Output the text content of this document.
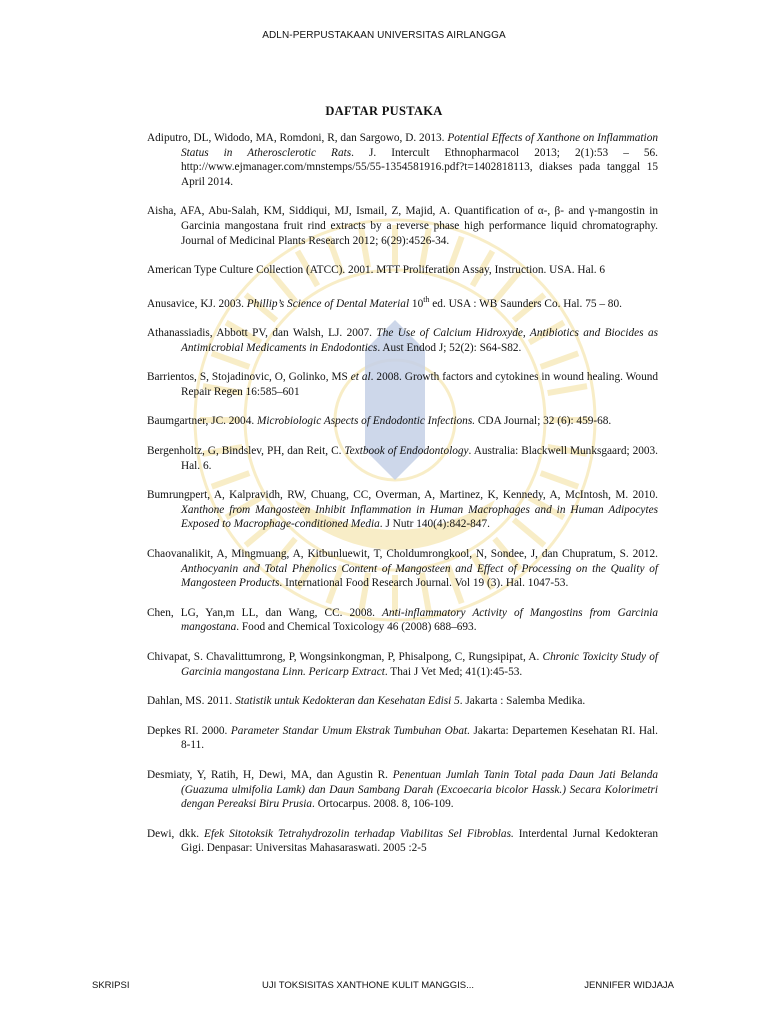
ADLN-PERPUSTAKAAN UNIVERSITAS AIRLANGGA
DAFTAR PUSTAKA

Adiputro, DL, Widodo, MA, Romdoni, R, dan Sargowo, D. 2013. Potential Effects of Xanthone on Inflammation Status in Atherosclerotic Rats. J. Intercult Ethnopharmacol 2013; 2(1):53 – 56. http://www.ejmanager.com/mnstemps/55/55-1354581916.pdf?t=1402818113, diakses pada tanggal 15 April 2014.

Aisha, AFA, Abu-Salah, KM, Siddiqui, MJ, Ismail, Z, Majid, A. Quantification of α-, β- and γ-mangostin in Garcinia mangostana fruit rind extracts by a reverse phase high performance liquid chromatography. Journal of Medicinal Plants Research 2012; 6(29):4526-34.

American Type Culture Collection (ATCC). 2001. MTT Proliferation Assay, Instruction. USA. Hal. 6

Anusavice, KJ. 2003. Phillip’s Science of Dental Material 10th ed. USA : WB Saunders Co. Hal. 75 – 80.

Athanassiadis, Abbott PV, dan Walsh, LJ. 2007. The Use of Calcium Hidroxyde, Antibiotics and Biocides as Antimicrobial Medicaments in Endodontics. Aust Endod J; 52(2): S64-S82.

Barrientos, S, Stojadinovic, O, Golinko, MS et al. 2008. Growth factors and cytokines in wound healing. Wound Repair Regen 16:585–601

Baumgartner, JC. 2004. Microbiologic Aspects of Endodontic Infections. CDA Journal; 32 (6): 459-68.

Bergenholtz, G, Bindslev, PH, dan Reit, C. Textbook of Endodontology. Australia: Blackwell Munksgaard; 2003. Hal. 6.

Bumrungpert, A, Kalpravidh, RW, Chuang, CC, Overman, A, Martinez, K, Kennedy, A, McIntosh, M. 2010. Xanthone from Mangosteen Inhibit Inflammation in Human Macrophages and in Human Adipocytes Exposed to Macrophage-conditioned Media. J Nutr 140(4):842-847.

Chaovanalikit, A, Mingmuang, A, Kitbunluewit, T, Choldumrongkool, N, Sondee, J, dan Chupratum, S. 2012. Anthocyanin and Total Phenolics Content of Mangosteen and Effect of Processing on the Quality of Mangosteen Products. International Food Research Journal. Vol 19 (3). Hal. 1047-53.

Chen, LG, Yan,m LL, dan Wang, CC. 2008. Anti-inflammatory Activity of Mangostins from Garcinia mangostana. Food and Chemical Toxicology 46 (2008) 688–693.

Chivapat, S. Chavalittumrong, P, Wongsinkongman, P, Phisalpong, C, Rungsipipat, A. Chronic Toxicity Study of Garcinia mangostana Linn. Pericarp Extract. Thai J Vet Med; 41(1):45-53.

Dahlan, MS. 2011. Statistik untuk Kedokteran dan Kesehatan Edisi 5. Jakarta : Salemba Medika.

Depkes RI. 2000. Parameter Standar Umum Ekstrak Tumbuhan Obat. Jakarta: Departemen Kesehatan RI. Hal. 8-11.

Desmiaty, Y, Ratih, H, Dewi, MA, dan Agustin R. Penentuan Jumlah Tanin Total pada Daun Jati Belanda (Guazuma ulmifolia Lamk) dan Daun Sambang Darah (Excoecaria bicolor Hassk.) Secara Kolorimetri dengan Pereaksi Biru Prusia. Ortocarpus. 2008. 8, 106-109.

Dewi, dkk. Efek Sitotoksik Tetrahydrozolin terhadap Viabilitas Sel Fibroblas. Interdental Jurnal Kedokteran Gigi. Denpasar: Universitas Mahasaraswati. 2005 :2-5

SKRIPSI	UJI TOKSISITAS XANTHONE KULIT MANGGIS...	JENNIFER WIDJAJA
